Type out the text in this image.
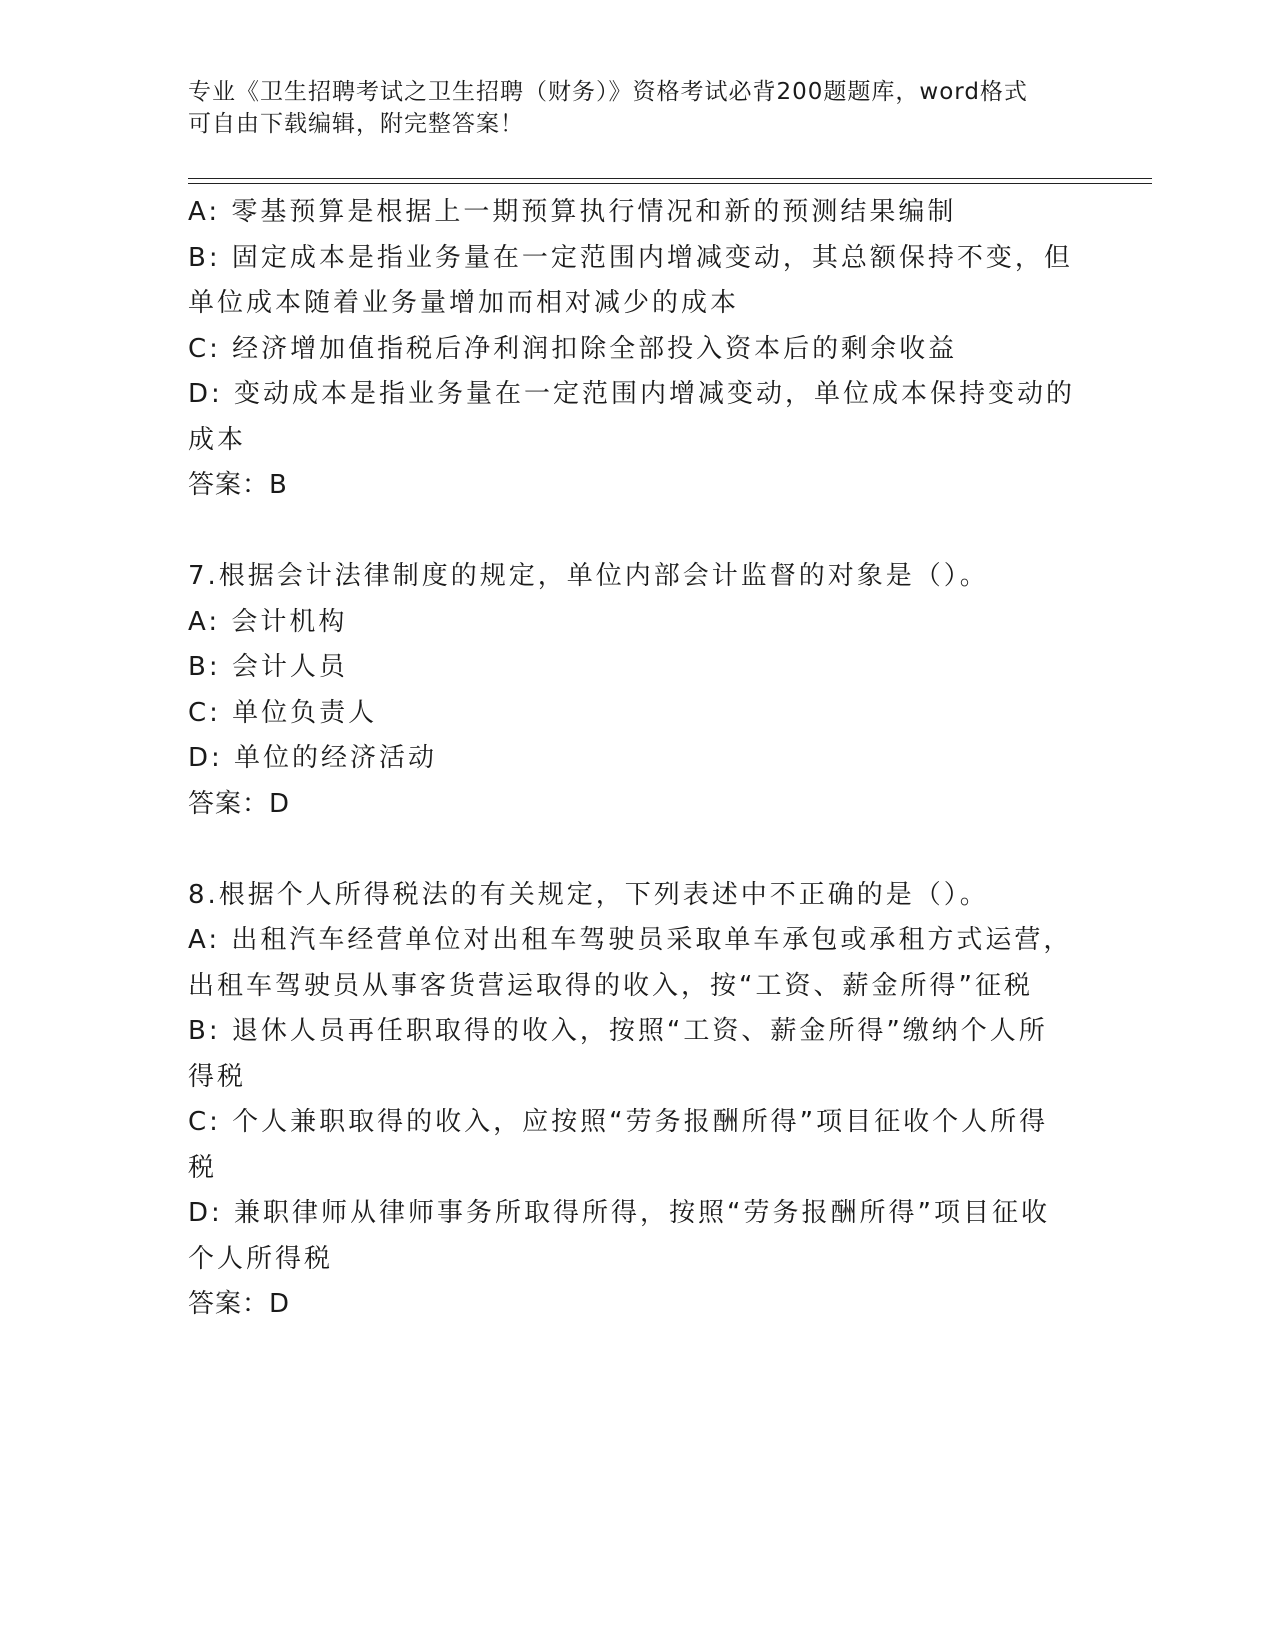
专业《卫生招聘考试之卫生招聘（财务）》资格考试必背200题题库，word格式

可自由下载编辑，附完整答案！

A: 零基预算是根据上一期预算执行情况和新的预测结果编制
B: 固定成本是指业务量在一定范围内增减变动，其总额保持不变，但
单位成本随着业务量增加而相对减少的成本
C: 经济增加值指税后净利润扣除全部投入资本后的剩余收益
D: 变动成本是指业务量在一定范围内增减变动，单位成本保持变动的
成本
答案：B
7.根据会计法律制度的规定，单位内部会计监督的对象是（）。
A: 会计机构
B: 会计人员
C: 单位负责人
D: 单位的经济活动
答案：D
8.根据个人所得税法的有关规定，下列表述中不正确的是（）。
A: 出租汽车经营单位对出租车驾驶员采取单车承包或承租方式运营，
出租车驾驶员从事客货营运取得的收入，按“工资、薪金所得”征税
B: 退休人员再任职取得的收入，按照“工资、薪金所得”缴纳个人所
得税
C: 个人兼职取得的收入，应按照“劳务报酬所得”项目征收个人所得
税
D: 兼职律师从律师事务所取得所得，按照“劳务报酬所得”项目征收
个人所得税
答案：D
